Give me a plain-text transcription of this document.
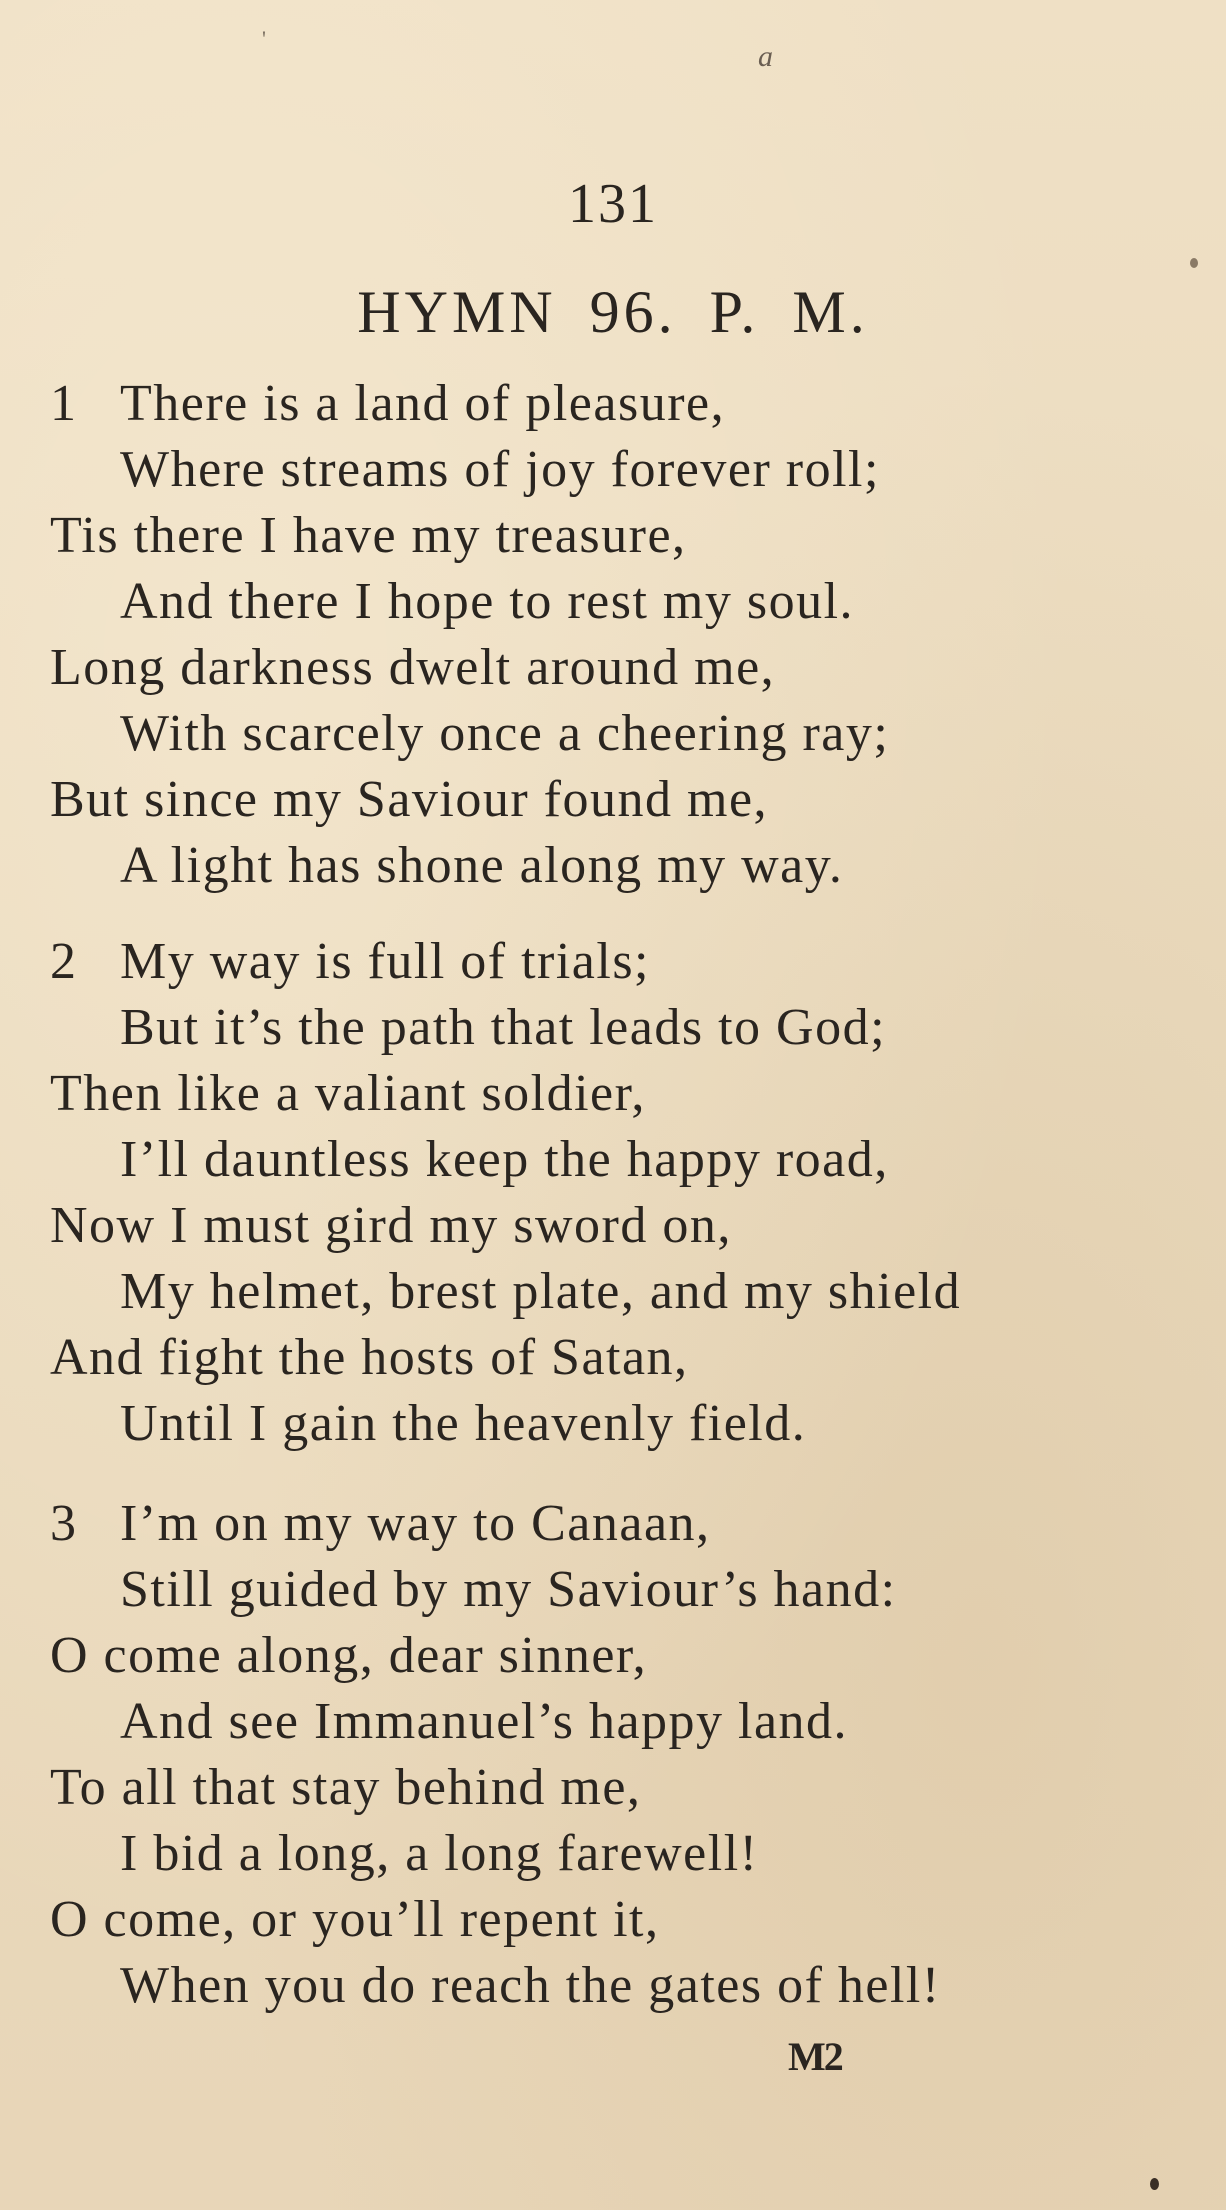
'
a
131
HYMN 96. P. M.
1 There is a land of pleasure,
Where streams of joy forever roll;
Tis there I have my treasure,
And there I hope to rest my soul.
Long darkness dwelt around me,
With scarcely once a cheering ray;
But since my Saviour found me,
A light has shone along my way.
2 My way is full of trials;
But it’s the path that leads to God;
Then like a valiant soldier,
I’ll dauntless keep the happy road,
Now I must gird my sword on,
My helmet, brest plate, and my shield
And fight the hosts of Satan,
Until I gain the heavenly field.
3 I’m on my way to Canaan,
Still guided by my Saviour’s hand:
O come along, dear sinner,
And see Immanuel’s happy land.
To all that stay behind me,
I bid a long, a long farewell!
O come, or you’ll repent it,
When you do reach the gates of hell!
M2
